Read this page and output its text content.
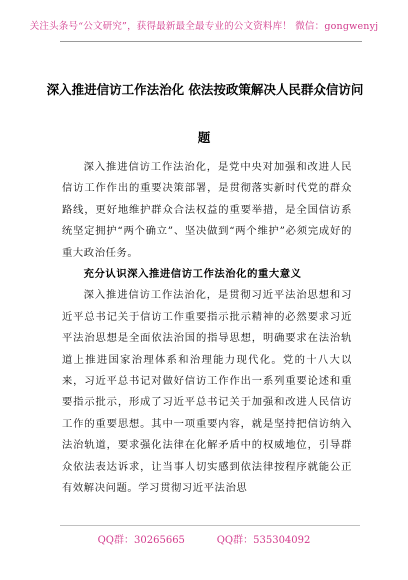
关注头条号“公文研究”，获得最新最全最专业的公文资料库！ 微信：gongwenyj
深入推进信访工作法治化 依法按政策解决人民群众信访问
题

深入推进信访工作法治化，是党中央对加强和改进人民信访工作作出的重要决策部署，是贯彻落实新时代党的群众路线，更好地维护群众合法权益的重要举措，是全国信访系统坚定拥护“两个确立”、坚决做到“两个维护”必须完成好的重大政治任务。

充分认识深入推进信访工作法治化的重大意义

深入推进信访工作法治化，是贯彻习近平法治思想和习近平总书记关于信访工作重要指示批示精神的必然要求习近平法治思想是全面依法治国的指导思想，明确要求在法治轨道上推进国家治理体系和治理能力现代化。党的十八大以来，习近平总书记对做好信访工作作出一系列重要论述和重要指示批示，形成了习近平总书记关于加强和改进人民信访工作的重要思想。其中一项重要内容，就是坚持把信访纳入法治轨道，要求强化法律在化解矛盾中的权威地位，引导群众依法表达诉求，让当事人切实感到依法律按程序就能公正有效解决问题。学习贯彻习近平法治思

QQ群：30265665	QQ群：535304092
